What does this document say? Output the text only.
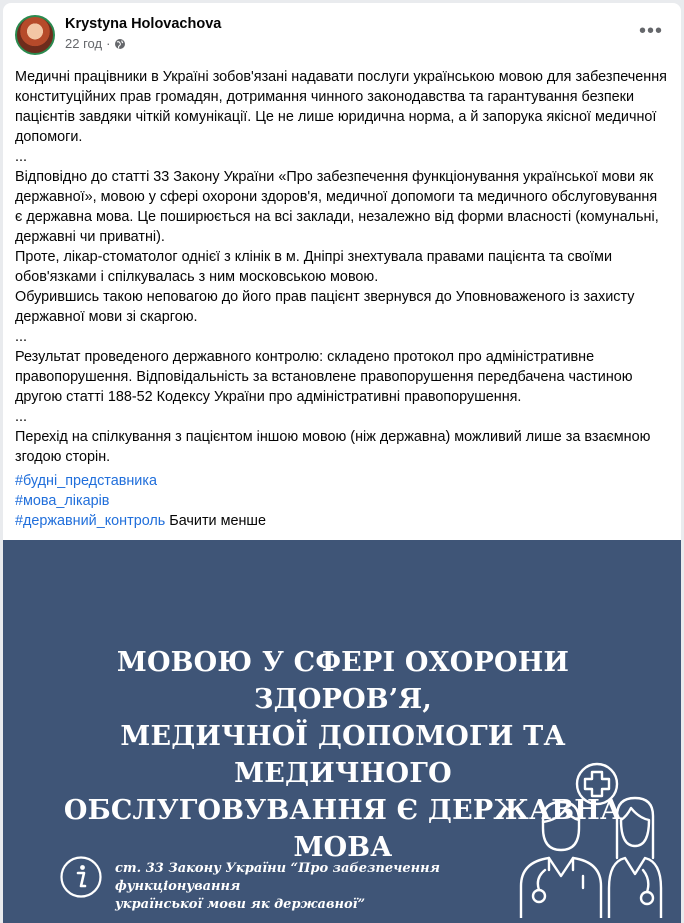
Krystyna Holovachova
22 год ·
•••

Медичні працівники в Україні зобов'язані надавати послуги українською мовою для забезпечення конституційних прав громадян, дотримання чинного законодавства та гарантування безпеки пацієнтів завдяки чіткій комунікації. Це не лише юридична норма, а й запорука якісної медичної допомоги.

...

Відповідно до статті 33 Закону України «Про забезпечення функціонування української мови як державної», мовою у сфері охорони здоров'я, медичної допомоги та медичного обслуговування є державна мова. Це поширюється на всі заклади, незалежно від форми власності (комунальні, державні чи приватні).

Проте, лікар-стоматолог однієї з клінік в м. Дніпрі знехтувала правами пацієнта та своїми обов'язками і спілкувалась з ним московською мовою.

Обурившись такою неповагою до його прав пацієнт звернувся до Уповноваженого із захисту державної мови зі скаргою.

...

Результат проведеного державного контролю: складено протокол про адміністративне правопорушення. Відповідальність за встановлене правопорушення передбачена частиною другою статті 188-52 Кодексу України про адміністративні правопорушення.

...

Перехід на спілкування з пацієнтом іншою мовою (ніж державна) можливий лише за взаємною згодою сторін.

#будні_представника
#мова_лікарів
#державний_контроль Бачити менше
МОВОЮ У СФЕРІ ОХОРОНИ ЗДОРОВ’Я,
МЕДИЧНОЇ ДОПОМОГИ ТА МЕДИЧНОГО
ОБСЛУГОВУВАННЯ Є ДЕРЖАВНА МОВА
ст. 33 Закону України “Про забезпечення функціонування
української мови як державної”
